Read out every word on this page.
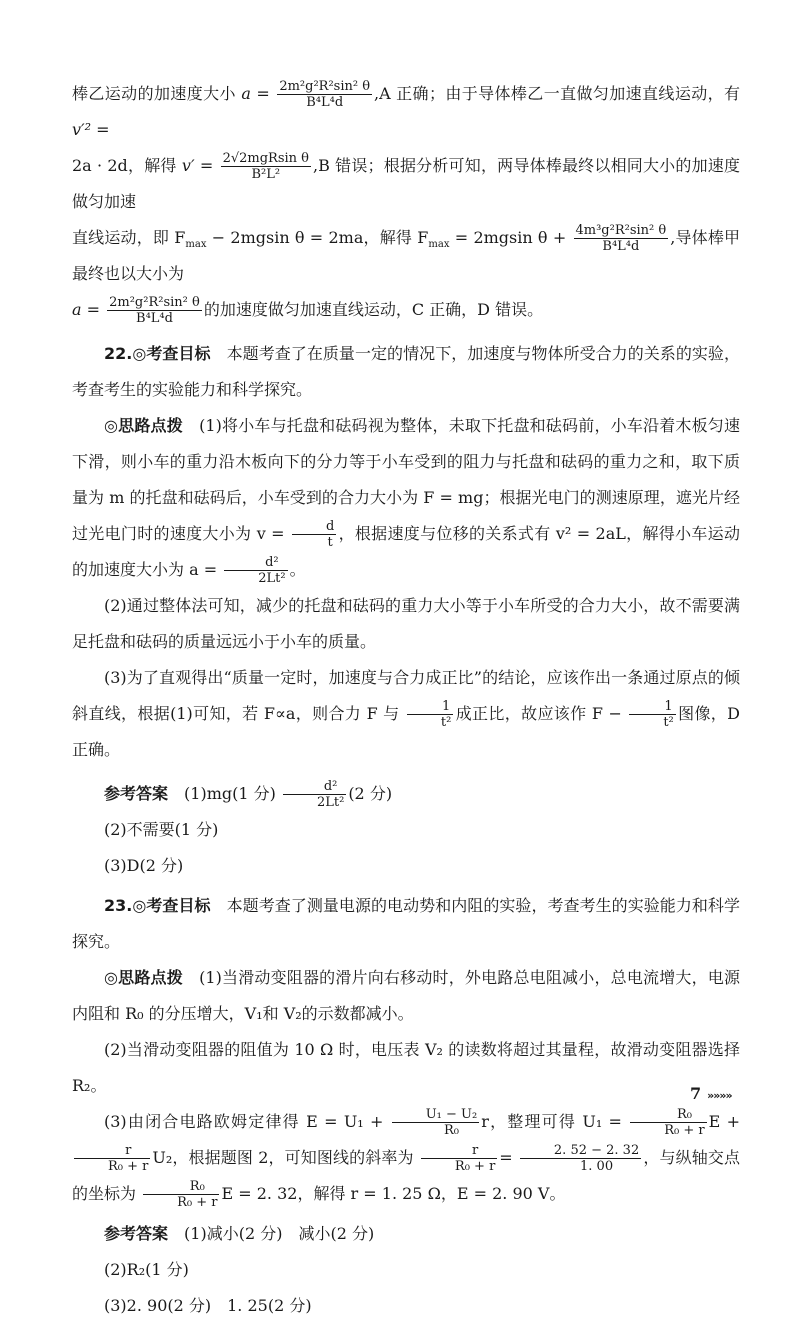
棒乙运动的加速度大小 $a = \frac{\text{2m²g²R²sin² θ}}{\text{B⁴L⁴d}} ,A$ 正确；由于导体棒乙一直做匀加速直线运动，有 v′² =

2a · 2d，解得 $v' = \frac{\text{2√2mgRsin θ}}{\text{B²L²}} ,B$ 错误；根据分析可知，两导体棒最终以相同大小的加速度做匀加速

直线运动，即 $F_{max} - 2mgsin$ θ = 2ma，解得 $F_{max} = 2mgsin$ $\theta + \frac{\text{4m³g²R²sin² θ}}{\text{B⁴L⁴d}}$ ,导体棒甲最终也以大小为

$a = \frac{\text{2m²g²R²sin² θ}}{\text{B⁴L⁴d}}$ 的加速度做匀加速直线运动，C 正确，D 错误。

22.◎考查目标　 本题考查了在质量一定的情况下，加速度与物体所受合力的关系的实验，考查考生的实验能力和科学探究。

◎思路点拨　 (1)将小车与托盘和砝码视为整体，未取下托盘和砝码前，小车沿着木板匀速下滑，则小车的重力沿木板向下的分力等于小车受到的阻力与托盘和砝码的重力之和，取下质量为 m 的托盘和砝码后，小车受到的合力大小为 F = mg；根据光电门的测速原理，遮光片经过光电门时的速度大小为 $v = \frac{d}{t}$ ，根据速度与位移的关系式有 v² = 2aL，解得小车运动的加速度大小为 $a = \frac{\text{d²}}{\text{2Lt²}}$ 。

(2)通过整体法可知，减少的托盘和砝码的重力大小等于小车所受的合力大小，故不需要满足托盘和砝码的质量远远小于小车的质量。

(3)为了直观得出“质量一定时，加速度与合力成正比”的结论，应该作出一条通过原点的倾斜直线，根据(1)可知，若 F∝a，则合力 F 与 $\frac{1}{\text{t²}}$ 成正比，故应该作 $F - \frac{1}{\text{t²}}$ 图像，D 正确。

参考答案　 (1)mg(1 分) $\frac{\text{d²}}{\text{2Lt²}} (2$ 分)

(2)不需要(1 分)

(3)D(2 分)

23.◎考查目标　 本题考查了测量电源的电动势和内阻的实验，考查考生的实验能力和科学探究。

◎思路点拨　 (1)当滑动变阻器的滑片向右移动时，外电路总电阻减小，总电流增大，电源内阻和 R₀ 的分压增大，V₁和 V₂的示数都减小。

(2)当滑动变阻器的阻值为 10 Ω 时，电压表 V₂ 的读数将超过其量程，故滑动变阻器选择 R₂。

(3)由闭合电路欧姆定律得 $E = U_1 + \frac{\text{U₁ − U₂}}{\text{R₀}}$ r，整理可得 $U_1 = \frac{\text{R₀}}{\text{R₀ + r}}$ E +
$\frac{r}{\text{R₀ + r}} U_2$，根据题图 2，可知图线的斜率为 $\frac{r}{\text{R₀ + r}} = \frac{2. 52 - 2. 32}{1. 00}$ ，与纵轴交点的坐标为 $\frac{\text{R₀}}{\text{R₀ + r}}$ E = 2. 32，解得 r = 1. 25 Ω，E = 2. 90 V。

参考答案　 (1)减小(2 分)　减小(2 分)

(2)R₂(1 分)

(3)2. 90(2 分)　1. 25(2 分)

7 »»»»
